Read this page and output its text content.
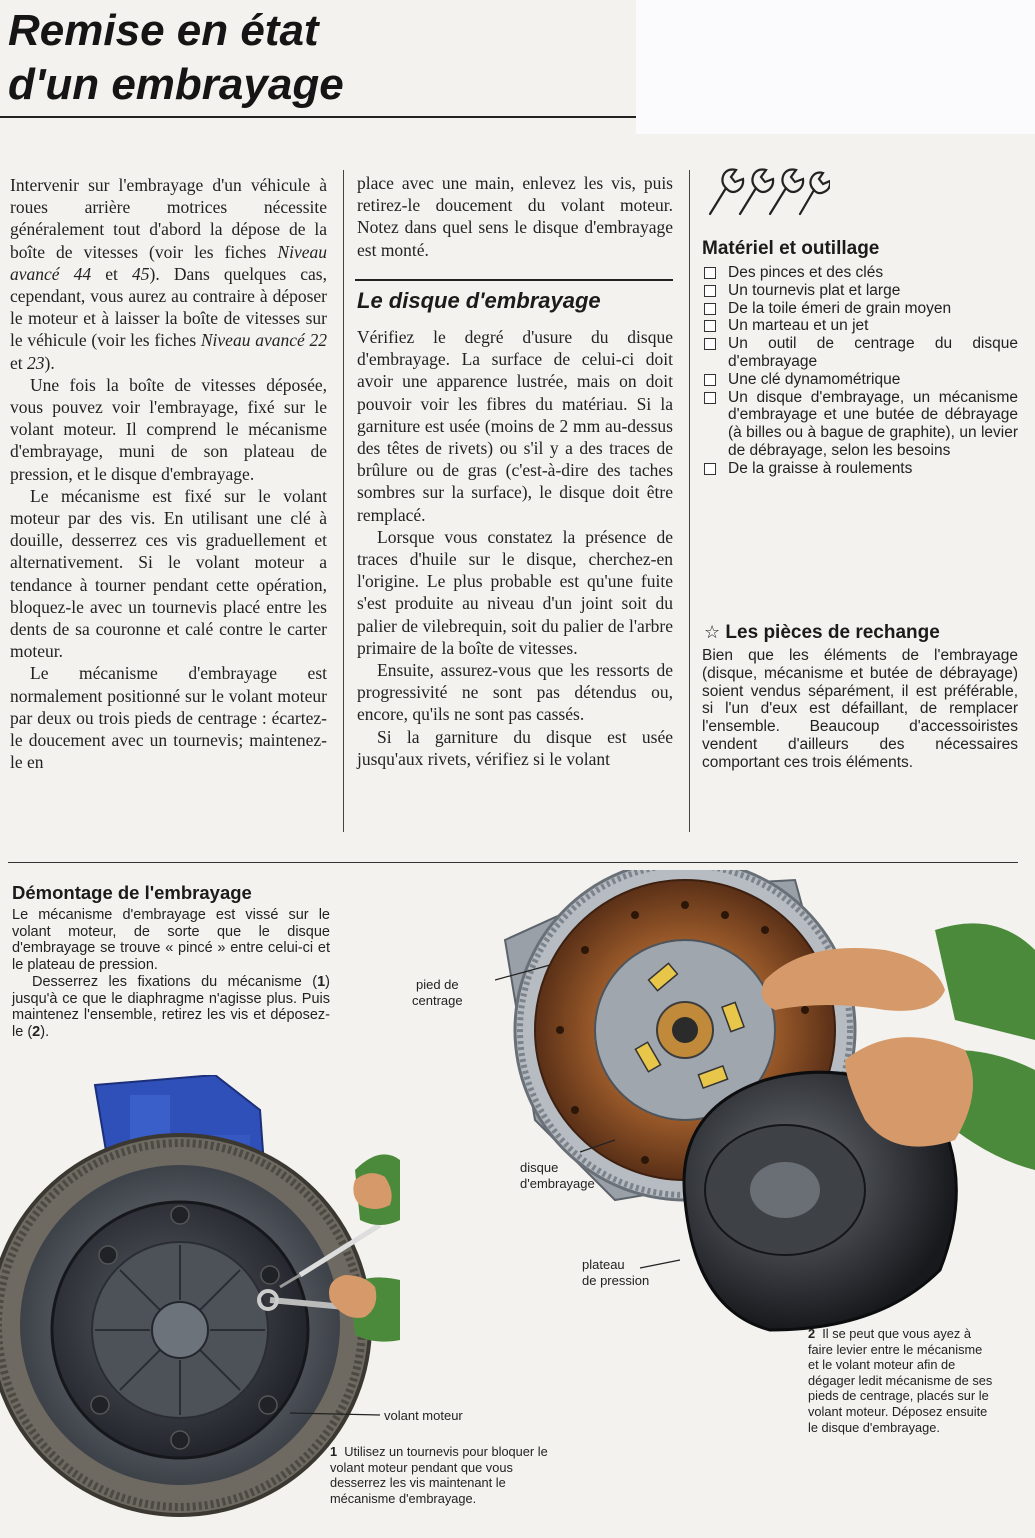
Remise en état
d'un embrayage

Intervenir sur l'embrayage d'un véhicule à roues arrière motrices nécessite généralement tout d'abord la dépose de la boîte de vitesses (voir les fiches Niveau avancé 44 et 45). Dans quelques cas, cependant, vous aurez au contraire à déposer le moteur et à laisser la boîte de vitesses sur le véhicule (voir les fiches Niveau avancé 22 et 23).

Une fois la boîte de vitesses déposée, vous pouvez voir l'embrayage, fixé sur le volant moteur. Il comprend le mécanisme d'embrayage, muni de son plateau de pression, et le disque d'embrayage.

Le mécanisme est fixé sur le volant moteur par des vis. En utilisant une clé à douille, desserrez ces vis graduellement et alternativement. Si le volant moteur a tendance à tourner pendant cette opération, bloquez-le avec un tournevis placé entre les dents de sa couronne et calé contre le carter moteur.

Le mécanisme d'embrayage est normalement positionné sur le volant moteur par deux ou trois pieds de centrage : écartez-le doucement avec un tournevis; maintenez-le en

place avec une main, enlevez les vis, puis retirez-le doucement du volant moteur. Notez dans quel sens le disque d'embrayage est monté.

Le disque d'embrayage

Vérifiez le degré d'usure du disque d'embrayage. La surface de celui-ci doit avoir une apparence lustrée, mais on doit pouvoir voir les fibres du matériau. Si la garniture est usée (moins de 2 mm au-dessus des têtes de rivets) ou s'il y a des traces de brûlure ou de gras (c'est-à-dire des taches sombres sur la surface), le disque doit être remplacé.

Lorsque vous constatez la présence de traces d'huile sur le disque, cherchez-en l'origine. Le plus probable est qu'une fuite s'est produite au niveau d'un joint soit du palier de vilebrequin, soit du palier de l'arbre primaire de la boîte de vitesses.

Ensuite, assurez-vous que les ressorts de progressivité ne sont pas détendus ou, encore, qu'ils ne sont pas cassés.

Si la garniture du disque est usée jusqu'aux rivets, vérifiez si le volant

Matériel et outillage
Des pinces et des clés
Un tournevis plat et large
De la toile émeri de grain moyen
Un marteau et un jet
Un outil de centrage du disque d'embrayage
Une clé dynamométrique
Un disque d'embrayage, un mécanisme d'embrayage et une butée de débrayage (à billes ou à bague de graphite), un levier de débrayage, selon les besoins
De la graisse à roulements
☆ Les pièces de rechange

Bien que les éléments de l'embrayage (disque, mécanisme et butée de débrayage) soient vendus séparément, il est préférable, si l'un d'eux est défaillant, de remplacer l'ensemble. Beaucoup d'accessoiristes vendent d'ailleurs des nécessaires comportant ces trois éléments.

Démontage de l'embrayage

Le mécanisme d'embrayage est vissé sur le volant moteur, de sorte que le disque d'embrayage se trouve « pincé » entre celui-ci et le plateau de pression.

Desserrez les fixations du mécanisme (1) jusqu'à ce que le diaphragme n'agisse plus. Puis maintenez l'ensemble, retirez les vis et déposez-le (2).

pied de
centrage
disque
d'embrayage
plateau
de pression
volant moteur
1 Utilisez un tournevis pour bloquer le volant moteur pendant que vous desserrez les vis maintenant le mécanisme d'embrayage.
2 Il se peut que vous ayez à faire levier entre le mécanisme et le volant moteur afin de dégager ledit mécanisme de ses pieds de centrage, placés sur le volant moteur. Déposez ensuite le disque d'embrayage.
